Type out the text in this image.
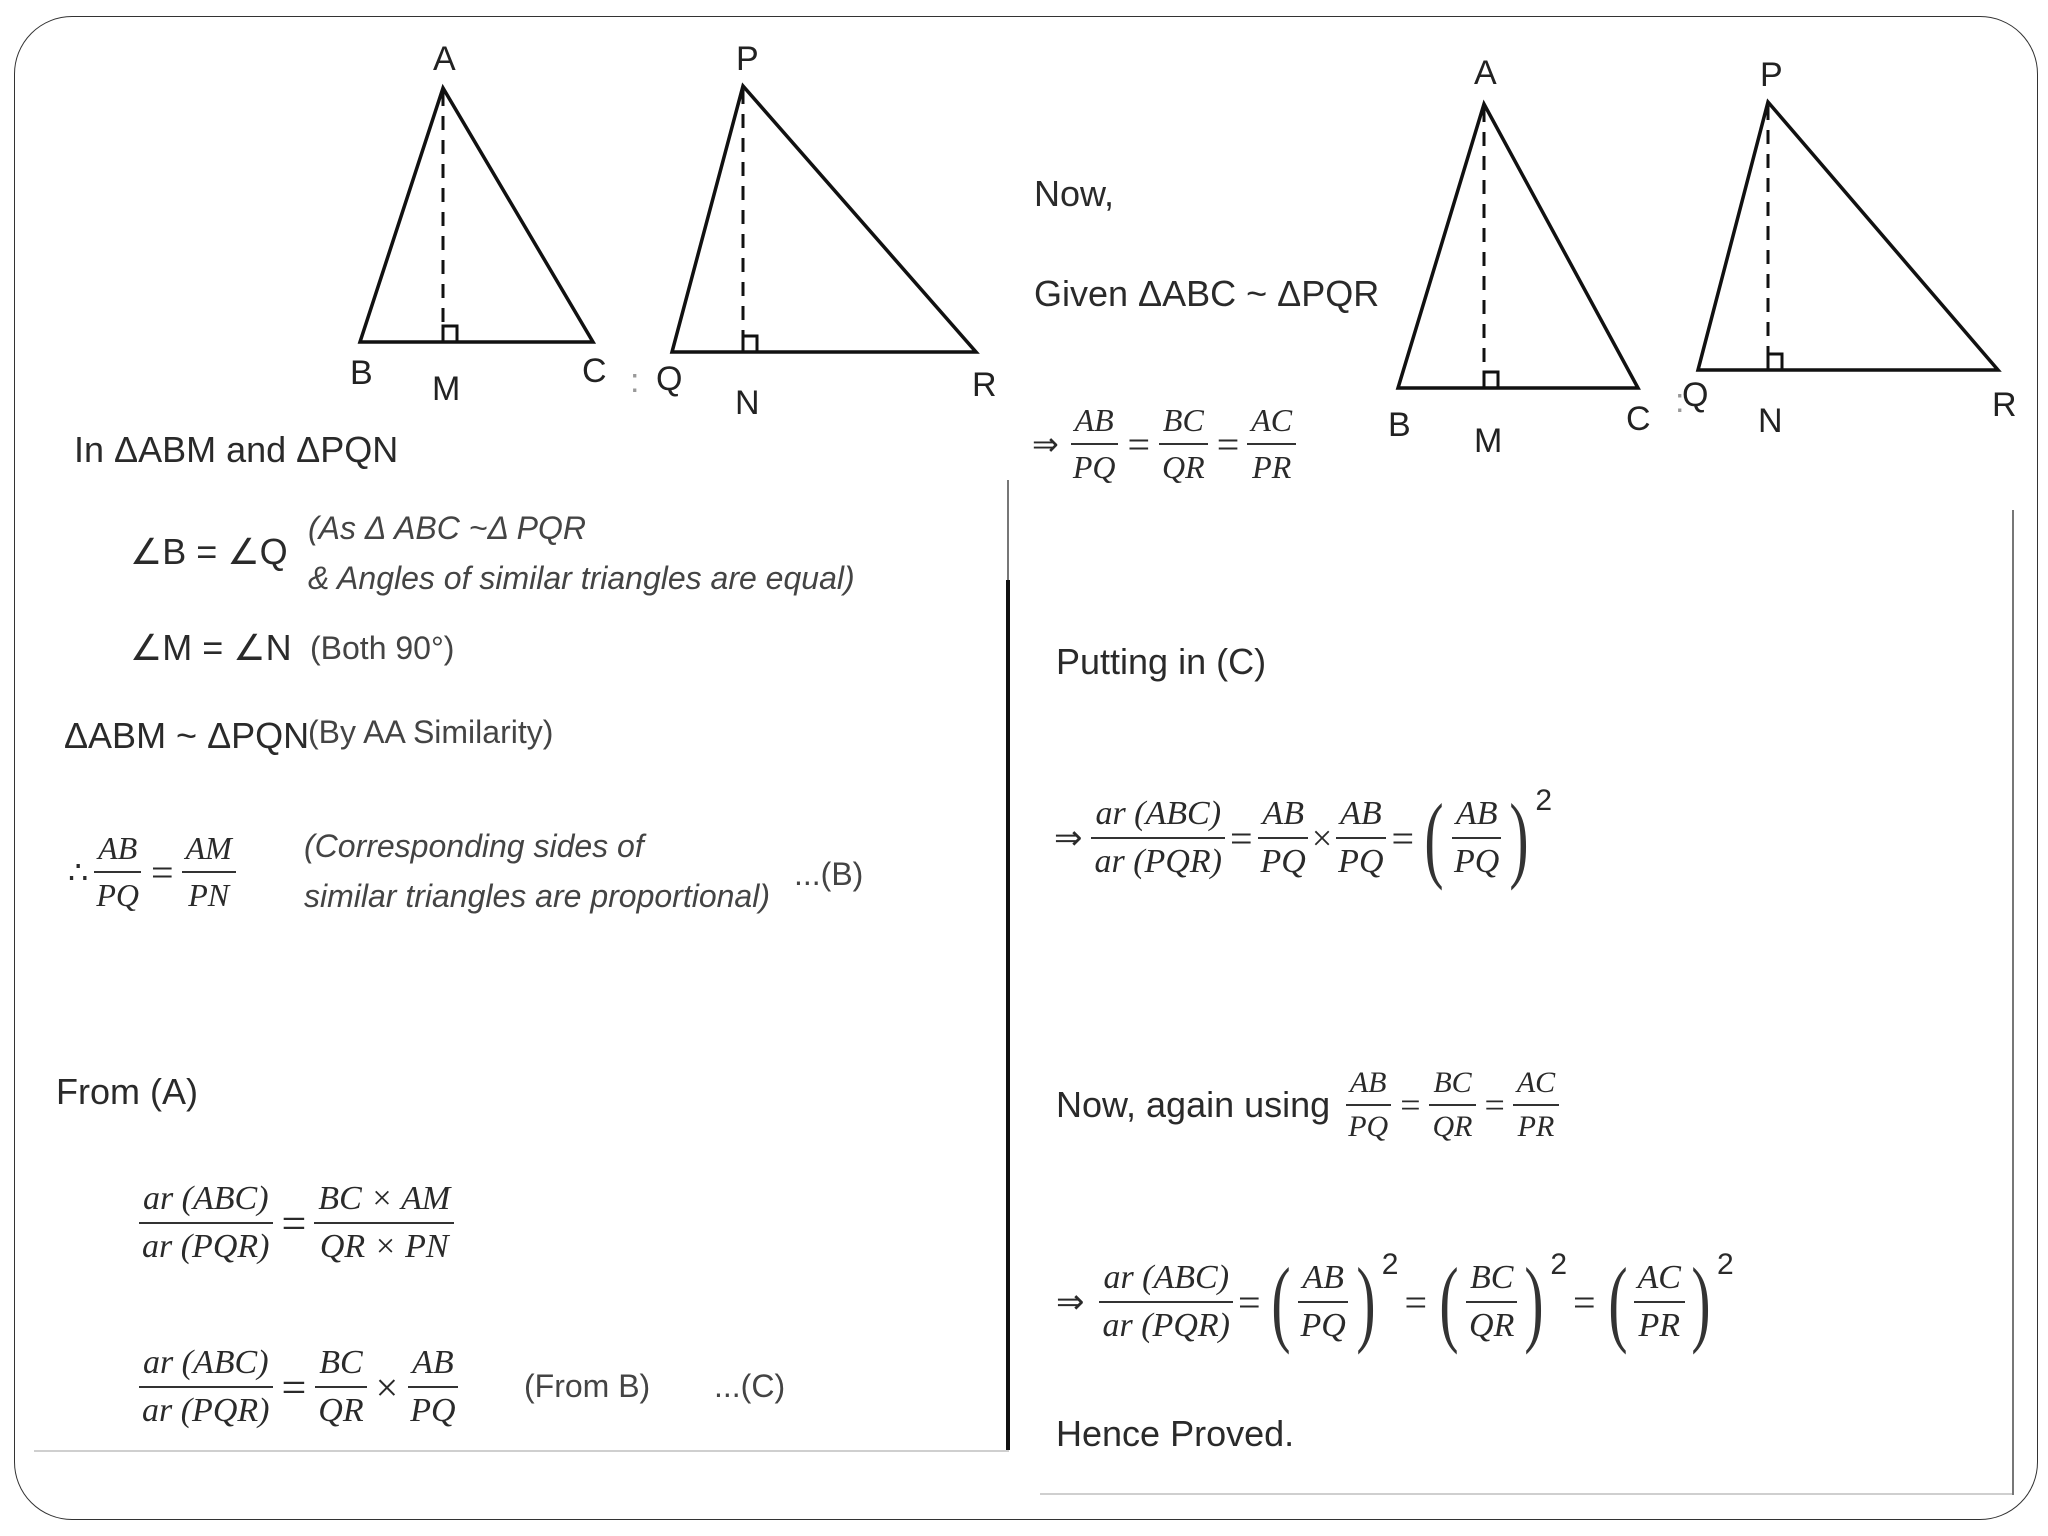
A
B M	C :
P
Q
N	R
A
B M
C :
P
Q
N	R
In ΔABM and ΔPQN
∠B = ∠Q
(As Δ ABC ~Δ PQR
& Angles of similar triangles are equal)
∠M = ∠N (Both 90°)
ΔABM ~ ΔPQN
(By AA Similarity)
∴ $\frac{AB}{PQ} = \frac{AM}{PN}$ (Corresponding sides of
similar triangles are proportional)
...(B)
From (A)
$\frac{\text{ar (ABC)}}{\text{ar (PQR)}} = \frac{BC \times AM}{QR \times PN}$
$\frac{\text{ar (ABC)}}{\text{ar (PQR)}} = \frac{BC}{QR} \times \frac{AB}{PQ}$ (From B) ...(C)
Now,
Given ΔABC ~ ΔPQR
⇒ $\frac{AB}{PQ} = \frac{BC}{QR} = \frac{AC}{PR}$
Putting in (C)
⇒ $\frac{\text{ar (ABC)}}{\text{ar (PQR)}} = \frac{AB}{PQ} \times \frac{AB}{PQ}$ = ( $\frac{AB}{PQ}$ ) 2
Now, again using $\frac{AB}{PQ} = \frac{BC}{QR} = \frac{AC}{PR}$
⇒ $\frac{\text{ar (ABC)}}{\text{ar (PQR)}}$ = ( $\frac{AB}{PQ}$ ) 2
= ( $\frac{BC}{QR}$ ) 2
= ( $\frac{AC}{PR}$ ) 2
Hence Proved.
